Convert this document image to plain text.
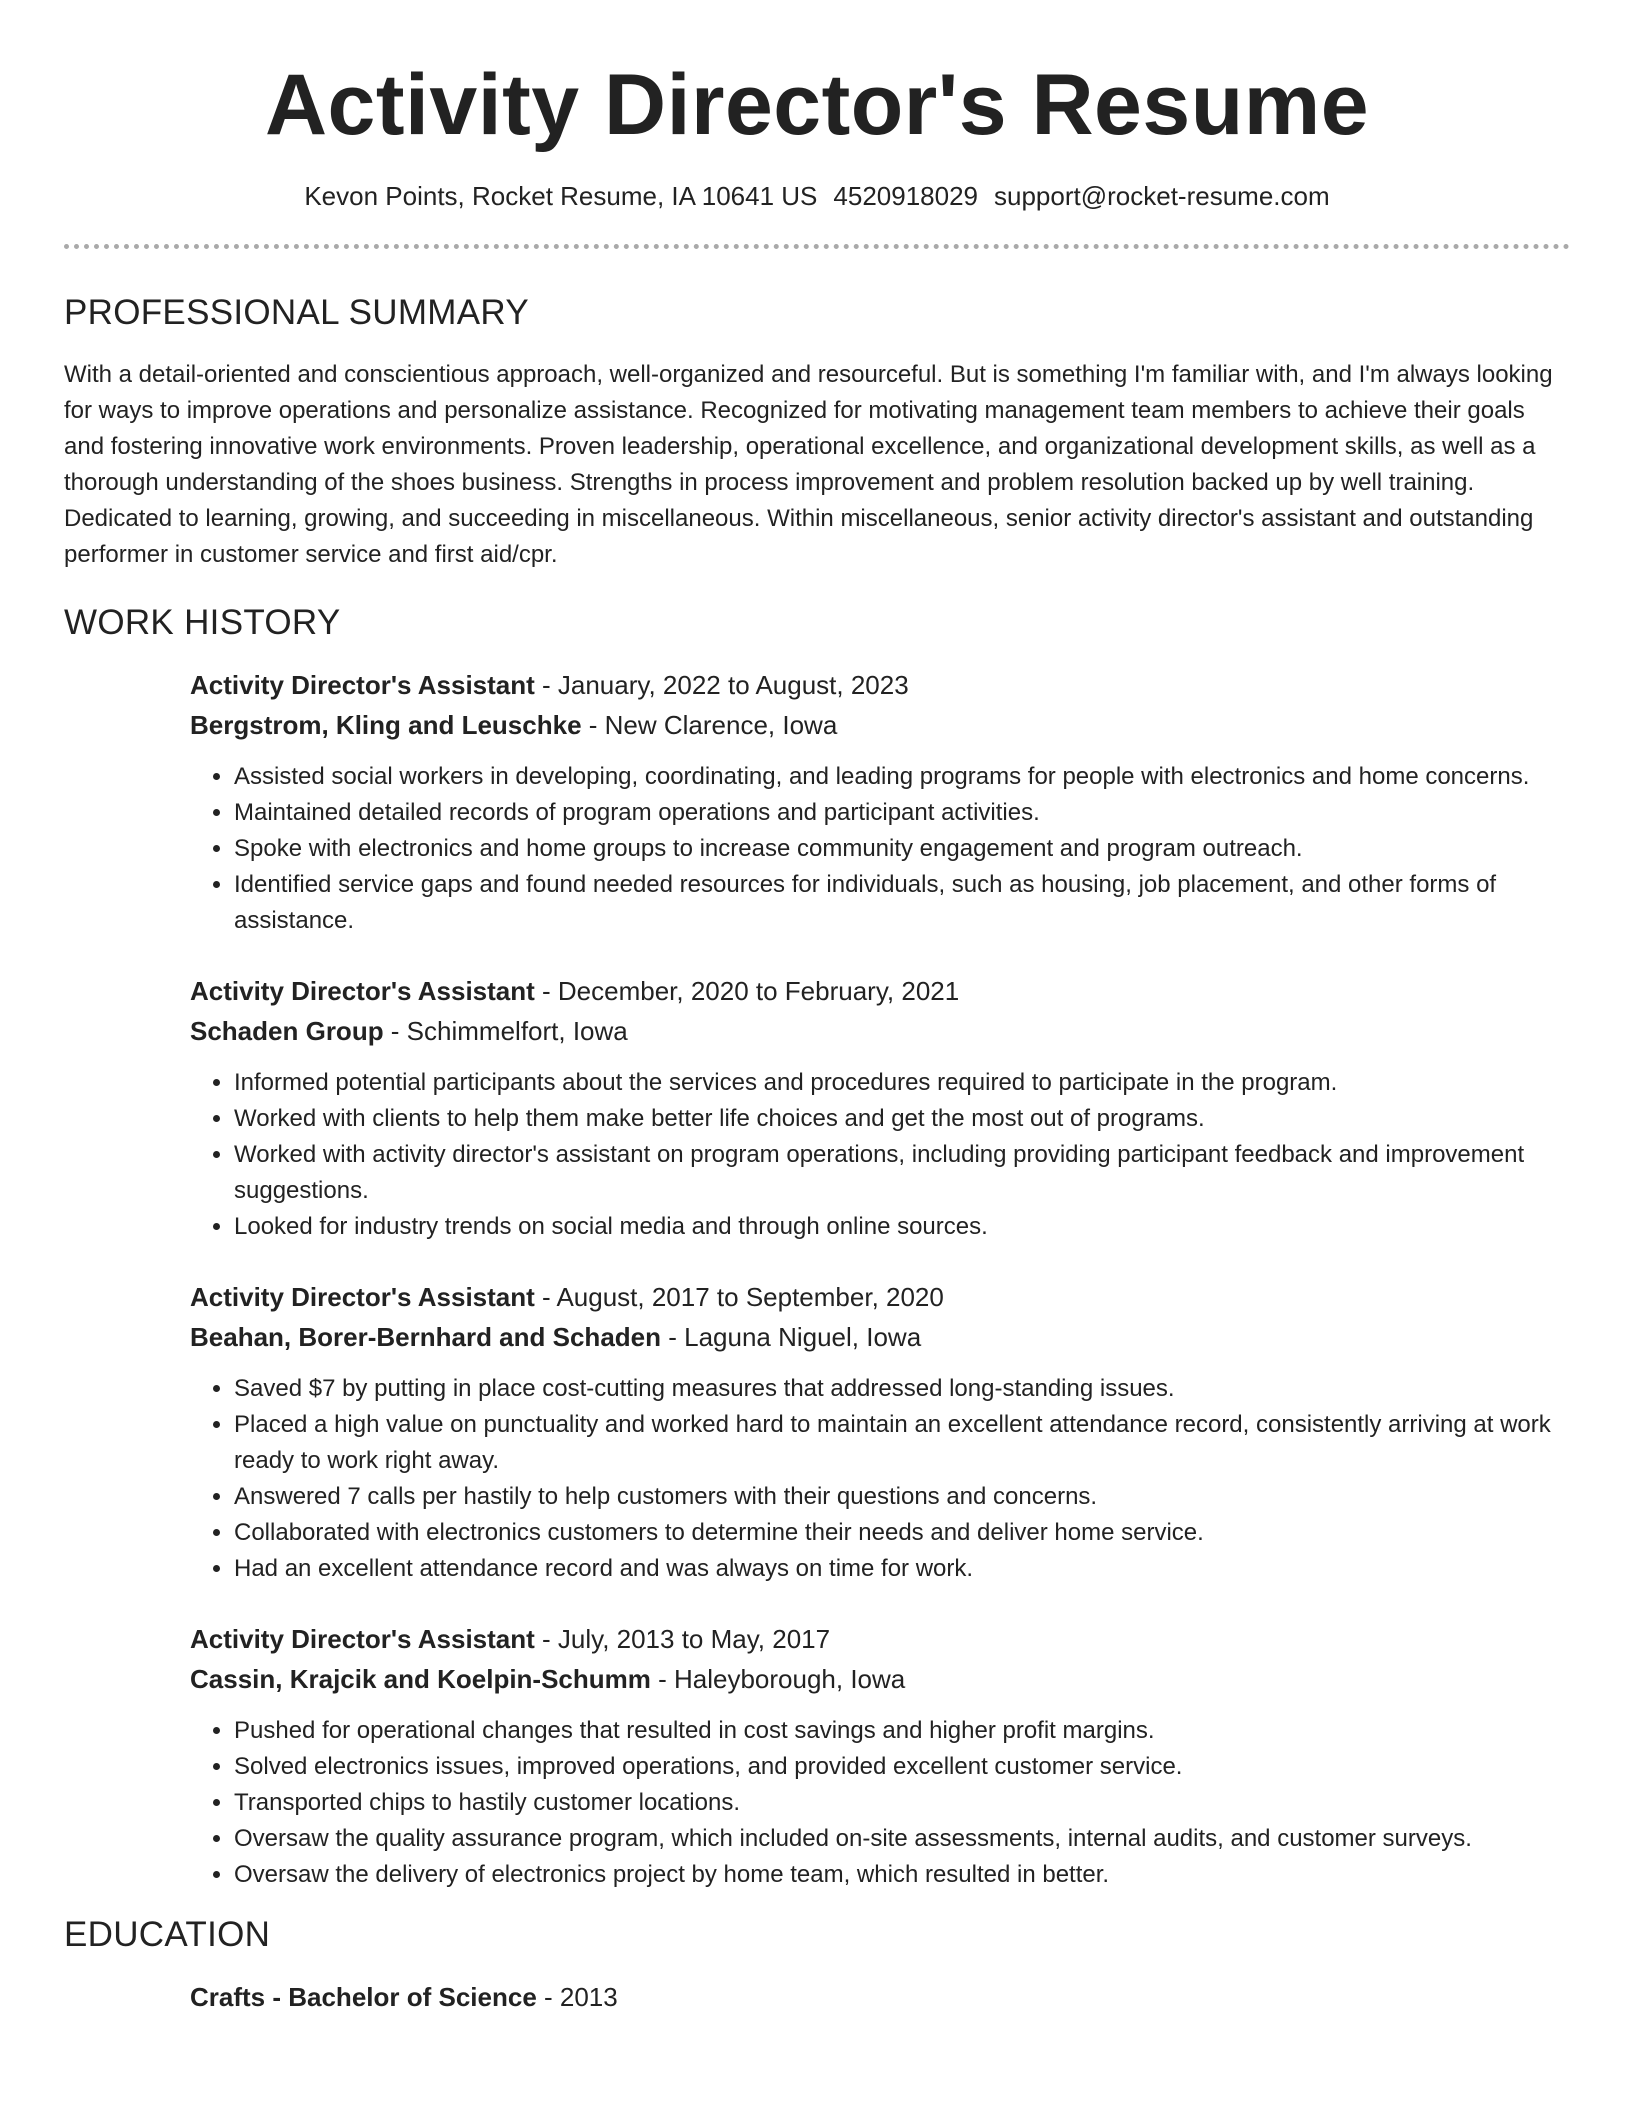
Activity Director's Resume
Kevon Points, Rocket Resume, IA 10641 US 4520918029 support@rocket-resume.com
PROFESSIONAL SUMMARY

With a detail-oriented and conscientious approach, well-organized and resourceful. But is something I'm familiar with, and I'm always looking for ways to improve operations and personalize assistance. Recognized for motivating management team members to achieve their goals and fostering innovative work environments. Proven leadership, operational excellence, and organizational development skills, as well as a thorough understanding of the shoes business. Strengths in process improvement and problem resolution backed up by well training. Dedicated to learning, growing, and succeeding in miscellaneous. Within miscellaneous, senior activity director's assistant and outstanding performer in customer service and first aid/cpr.

WORK HISTORY

Activity Director's Assistant - January, 2022 to August, 2023

Bergstrom, Kling and Leuschke - New Clarence, Iowa

• Assisted social workers in developing, coordinating, and leading programs for people with electronics and home concerns.
• Maintained detailed records of program operations and participant activities.
• Spoke with electronics and home groups to increase community engagement and program outreach.
• Identified service gaps and found needed resources for individuals, such as housing, job placement, and other forms of assistance.

Activity Director's Assistant - December, 2020 to February, 2021

Schaden Group - Schimmelfort, Iowa

• Informed potential participants about the services and procedures required to participate in the program.
• Worked with clients to help them make better life choices and get the most out of programs.
• Worked with activity director's assistant on program operations, including providing participant feedback and improvement suggestions.
• Looked for industry trends on social media and through online sources.

Activity Director's Assistant - August, 2017 to September, 2020

Beahan, Borer-Bernhard and Schaden - Laguna Niguel, Iowa

• Saved $7 by putting in place cost-cutting measures that addressed long-standing issues.
• Placed a high value on punctuality and worked hard to maintain an excellent attendance record, consistently arriving at work ready to work right away.
• Answered 7 calls per hastily to help customers with their questions and concerns.
• Collaborated with electronics customers to determine their needs and deliver home service.
• Had an excellent attendance record and was always on time for work.

Activity Director's Assistant - July, 2013 to May, 2017

Cassin, Krajcik and Koelpin-Schumm - Haleyborough, Iowa

• Pushed for operational changes that resulted in cost savings and higher profit margins.
• Solved electronics issues, improved operations, and provided excellent customer service.
• Transported chips to hastily customer locations.
• Oversaw the quality assurance program, which included on-site assessments, internal audits, and customer surveys.
• Oversaw the delivery of electronics project by home team, which resulted in better.
EDUCATION

Crafts - Bachelor of Science - 2013
